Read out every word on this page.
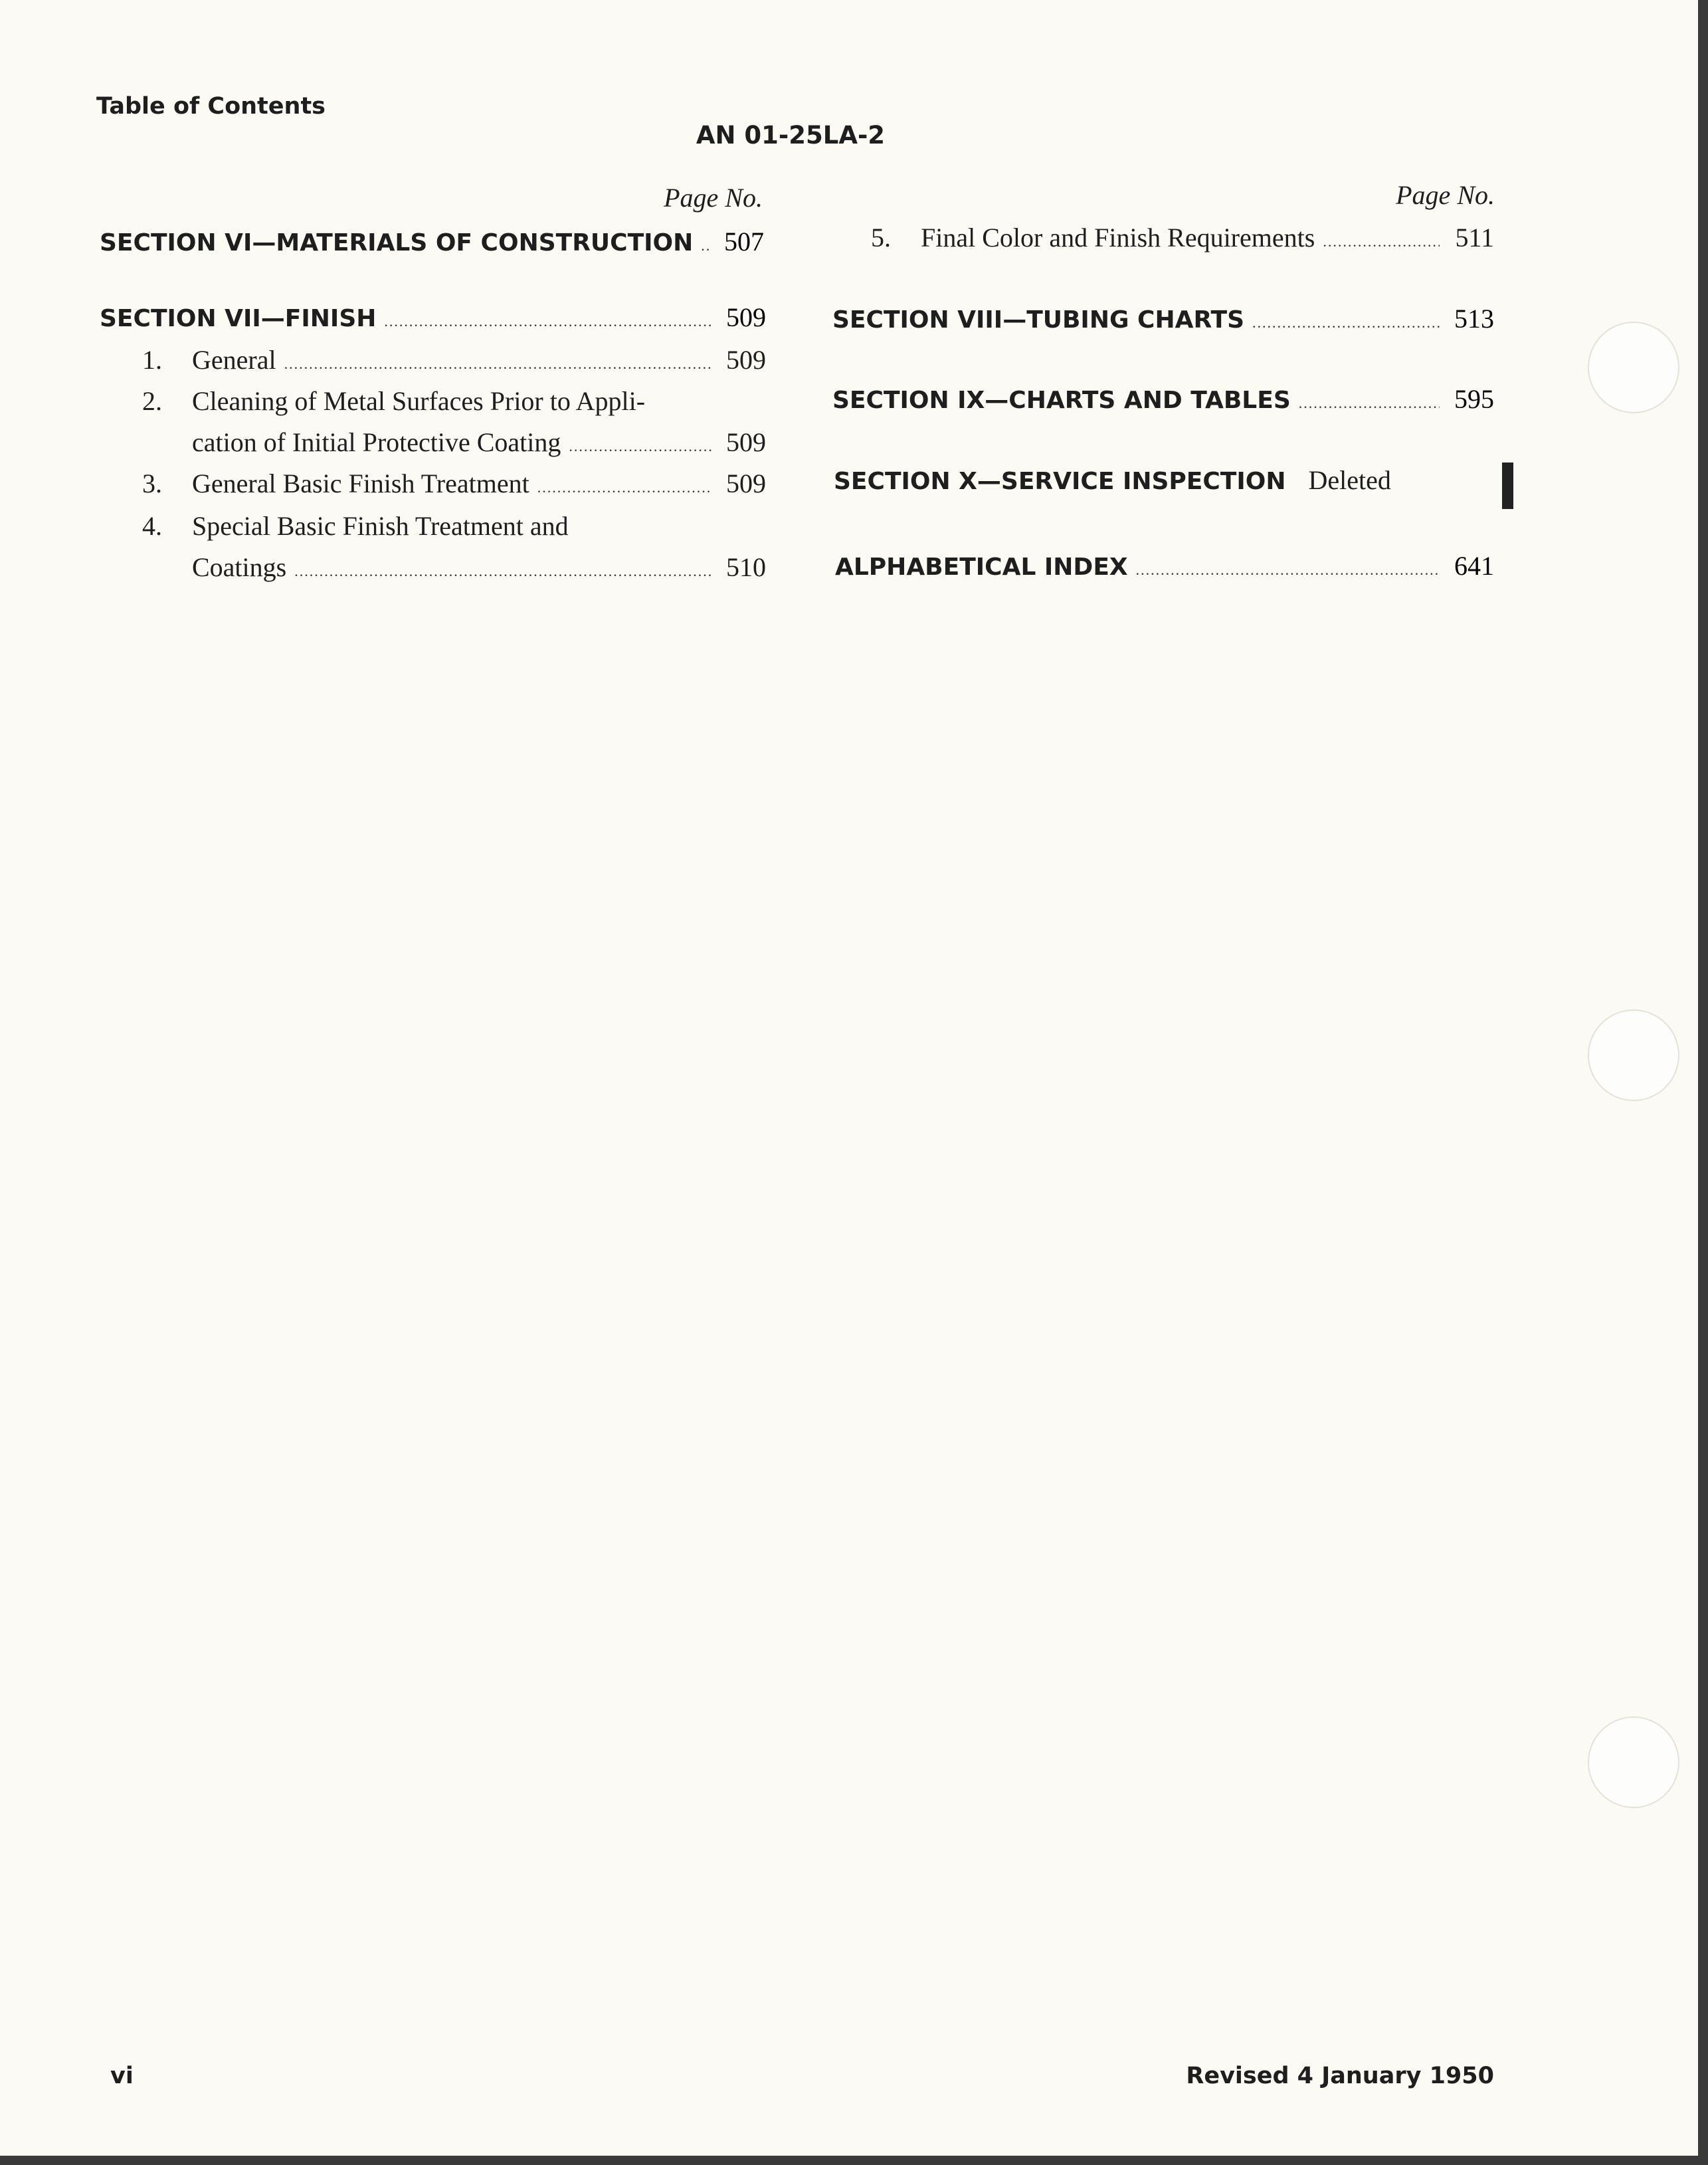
Table of Contents
AN 01-25LA-2
Page No.	Page No.
SECTION VI—MATERIALS OF CONSTRUCTION ..... 507
SECTION VII—FINISH .....	509
1. General .....	509
2. Cleaning of Metal Surfaces Prior to Appli-
cation of Initial Protective Coating .....	509
3. General Basic Finish Treatment .....	509
4. Special Basic Finish Treatment and
Coatings .....	510
5. Final Color and Finish Requirements .....	511
SECTION VIII—TUBING CHARTS .....	513
SECTION IX—CHARTS AND TABLES .....	595
SECTION X—SERVICE INSPECTION Deleted
ALPHABETICAL INDEX .....	641
vi	Revised 4 January 1950
